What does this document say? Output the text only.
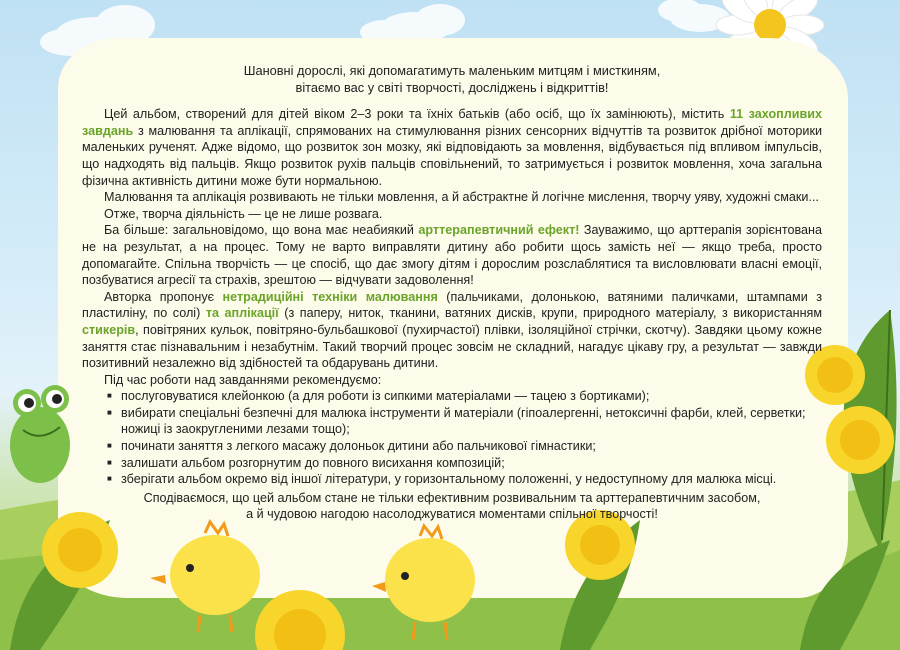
Шановні дорослі, які допомагатимуть маленьким митцям і мисткиням,
вітаємо вас у світі творчості, досліджень і відкриттів!

Цей альбом, створений для дітей віком 2–3 роки та їхніх батьків (або осіб, що їх замінюють), містить 11 захопливих завдань з малювання та аплікації, спрямованих на стимулювання різних сенсорних відчуттів та розвиток дрібної моторики маленьких рученят. Адже відомо, що розвиток зон мозку, які відповідають за мовлення, відбувається під впливом імпульсів, що надходять від пальців. Якщо розвиток рухів пальців сповільнений, то затримується і розвиток мовлення, хоча загальна фізична активність дитини може бути нормальною.

Малювання та аплікація розвивають не тільки мовлення, а й абстрактне й логічне мислення, творчу уяву, художні смаки...

Отже, творча діяльність — це не лише розвага.

Ба більше: загальновідомо, що вона має неабиякий арттерапевтичний ефект! Зауважимо, що арттерапія зорієнтована не на результат, а на процес. Тому не варто виправляти дитину або робити щось замість неї — якщо треба, просто допомагайте. Спільна творчість — це спосіб, що дає змогу дітям і дорослим розслаблятися та висловлювати власні емоції, позбуватися агресії та страхів, зрештою — відчувати задоволення!

Авторка пропонує нетрадиційні техніки малювання (пальчиками, долонькою, ватяними паличками, штампами з пластиліну, по солі) та аплікації (з паперу, ниток, тканини, ватяних дисків, крупи, природного матеріалу, з використанням стикерів, повітряних кульок, повітряно-бульбашкової (пухирчастої) плівки, ізоляційної стрічки, скотчу). Завдяки цьому кожне заняття стає пізнавальним і незабутнім. Такий творчий процес зовсім не складний, нагадує цікаву гру, а результат — завжди позитивний незалежно від здібностей та обдарувань дитини.

Під час роботи над завданнями рекомендуємо:

■ послуговуватися клейонкою (а для роботи із сипкими матеріалами — тацею з бортиками);
■ вибирати спеціальні безпечні для малюка інструменти й матеріали (гіпоалергенні, нетоксичні фарби, клей, серветки; ножиці із заокругленими лезами тощо);
■ починати заняття з легкого масажу долоньок дитини або пальчикової гімнастики;
■ залишати альбом розгорнутим до повного висихання композицій;
■ зберігати альбом окремо від іншої літератури, у горизонтальному положенні, у недоступному для малюка місці.
Сподіваємося, що цей альбом стане не тільки ефективним розвивальним та арттерапевтичним засобом,
а й чудовою нагодою насолоджуватися моментами спільної творчості!
